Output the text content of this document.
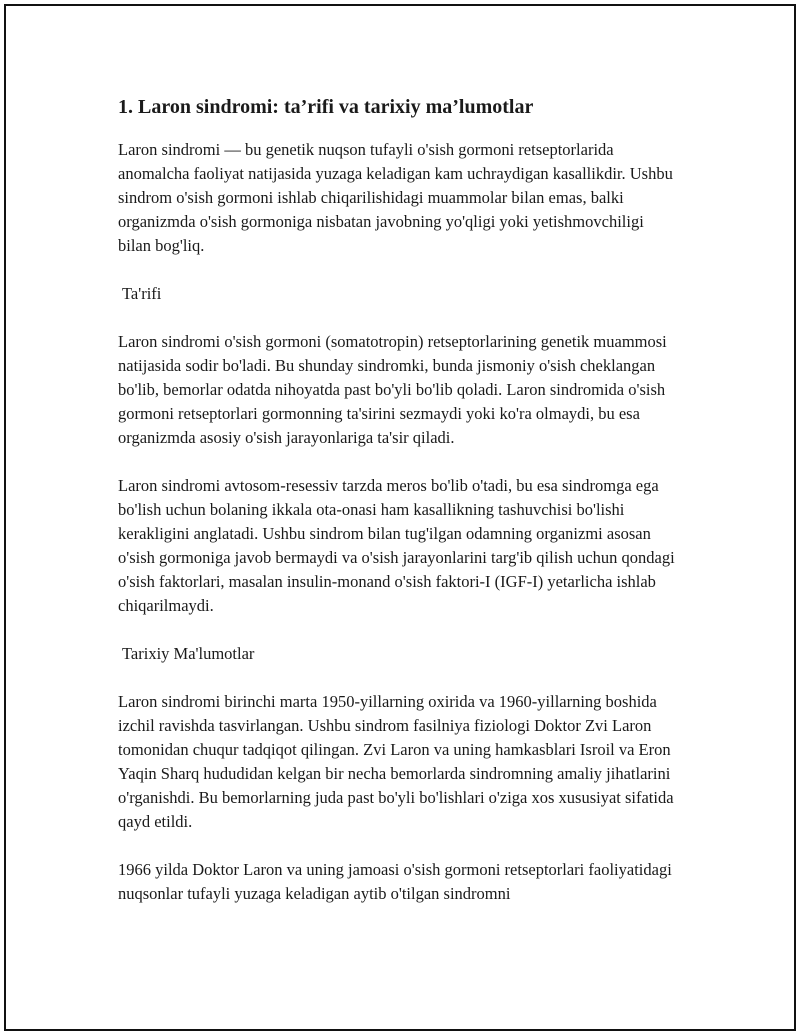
1. Laron sindromi: ta’rifi va tarixiy ma’lumotlar

Laron sindromi — bu genetik nuqson tufayli o'sish gormoni retseptorlarida anomalcha faoliyat natijasida yuzaga keladigan kam uchraydigan kasallikdir. Ushbu sindrom o'sish gormoni ishlab chiqarilishidagi muammolar bilan emas, balki organizmda o'sish gormoniga nisbatan javobning yo'qligi yoki yetishmovchiligi bilan bog'liq.

Ta'rifi

Laron sindromi o'sish gormoni (somatotropin) retseptorlarining genetik muammosi natijasida sodir bo'ladi. Bu shunday sindromki, bunda jismoniy o'sish cheklangan bo'lib, bemorlar odatda nihoyatda past bo'yli bo'lib qoladi. Laron sindromida o'sish gormoni retseptorlari gormonning ta'sirini sezmaydi yoki ko'ra olmaydi, bu esa organizmda asosiy o'sish jarayonlariga ta'sir qiladi.

Laron sindromi avtosom-resessiv tarzda meros bo'lib o'tadi, bu esa sindromga ega bo'lish uchun bolaning ikkala ota-onasi ham kasallikning tashuvchisi bo'lishi kerakligini anglatadi. Ushbu sindrom bilan tug'ilgan odamning organizmi asosan o'sish gormoniga javob bermaydi va o'sish jarayonlarini targ'ib qilish uchun qondagi o'sish faktorlari, masalan insulin-monand o'sish faktori-I (IGF-I) yetarlicha ishlab chiqarilmaydi.

Tarixiy Ma'lumotlar

Laron sindromi birinchi marta 1950-yillarning oxirida va 1960-yillarning boshida izchil ravishda tasvirlangan. Ushbu sindrom fasilniya fiziologi Doktor Zvi Laron tomonidan chuqur tadqiqot qilingan. Zvi Laron va uning hamkasblari Isroil va Eron Yaqin Sharq hududidan kelgan bir necha bemorlarda sindromning amaliy jihatlarini o'rganishdi. Bu bemorlarning juda past bo'yli bo'lishlari o'ziga xos xususiyat sifatida qayd etildi.

1966 yilda Doktor Laron va uning jamoasi o'sish gormoni retseptorlari faoliyatidagi nuqsonlar tufayli yuzaga keladigan aytib o'tilgan sindromni
